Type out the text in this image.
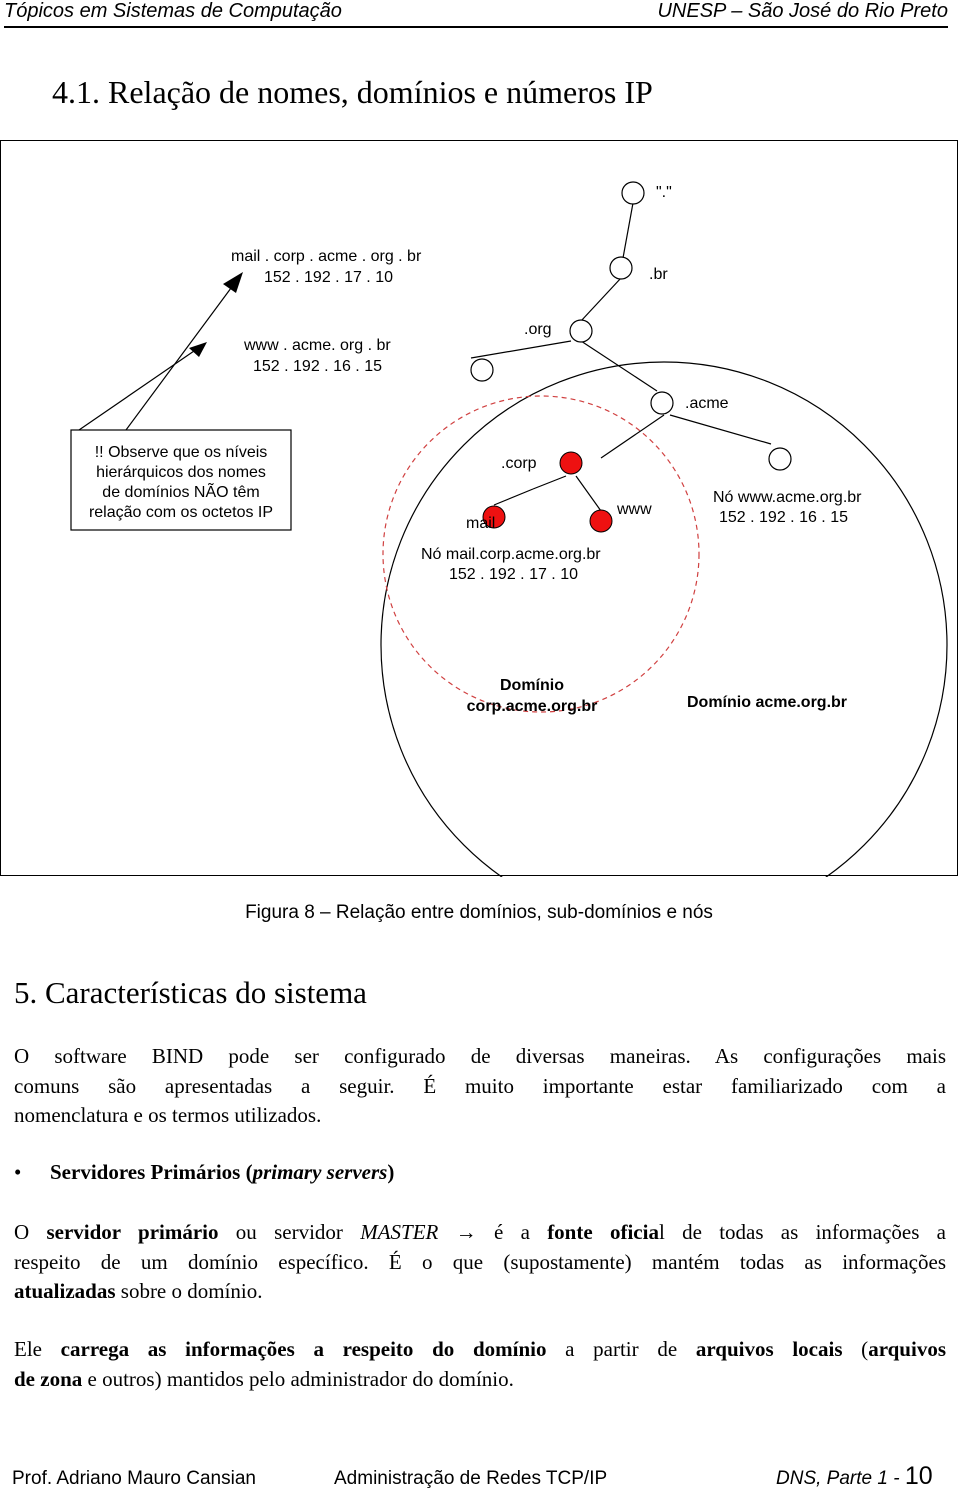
Tópicos em Sistemas de Computação	UNESP – São José do Rio Preto
4.1. Relação de nomes, domínios e números IP
!! Observe que os níveis
hierárquicos dos nomes
de domínios NÃO têm
relação com os octetos IP
"."
.br
.org
.acme
.corp
mail
www
mail . corp . acme . org . br
152 . 192 . 17 . 10
www . acme. org . br
152 . 192 . 16 . 15
Nó www.acme.org.br
152 . 192 . 16 . 15
Nó mail.corp.acme.org.br
152 . 192 . 17 . 10
Domínio
corp.acme.org.br	Domínio acme.org.br
Figura 8 – Relação entre domínios, sub-domínios e nós
5. Características do sistema
O software BIND pode ser configurado de diversas maneiras. As configurações mais
comuns são apresentadas a seguir. É muito importante estar familiarizado com a
nomenclatura e os termos utilizados.
• Servidores Primários (primary servers)
O servidor primário ou servidor MASTER → é a fonte oficial de todas as informações a
respeito de um domínio específico. É o que (supostamente) mantém todas as informações
atualizadas sobre o domínio.
Ele carrega as informações a respeito do domínio a partir de arquivos locais (arquivos
de zona e outros) mantidos pelo administrador do domínio.
Prof. Adriano Mauro Cansian	Administração de Redes TCP/IP	DNS, Parte 1 - 10
